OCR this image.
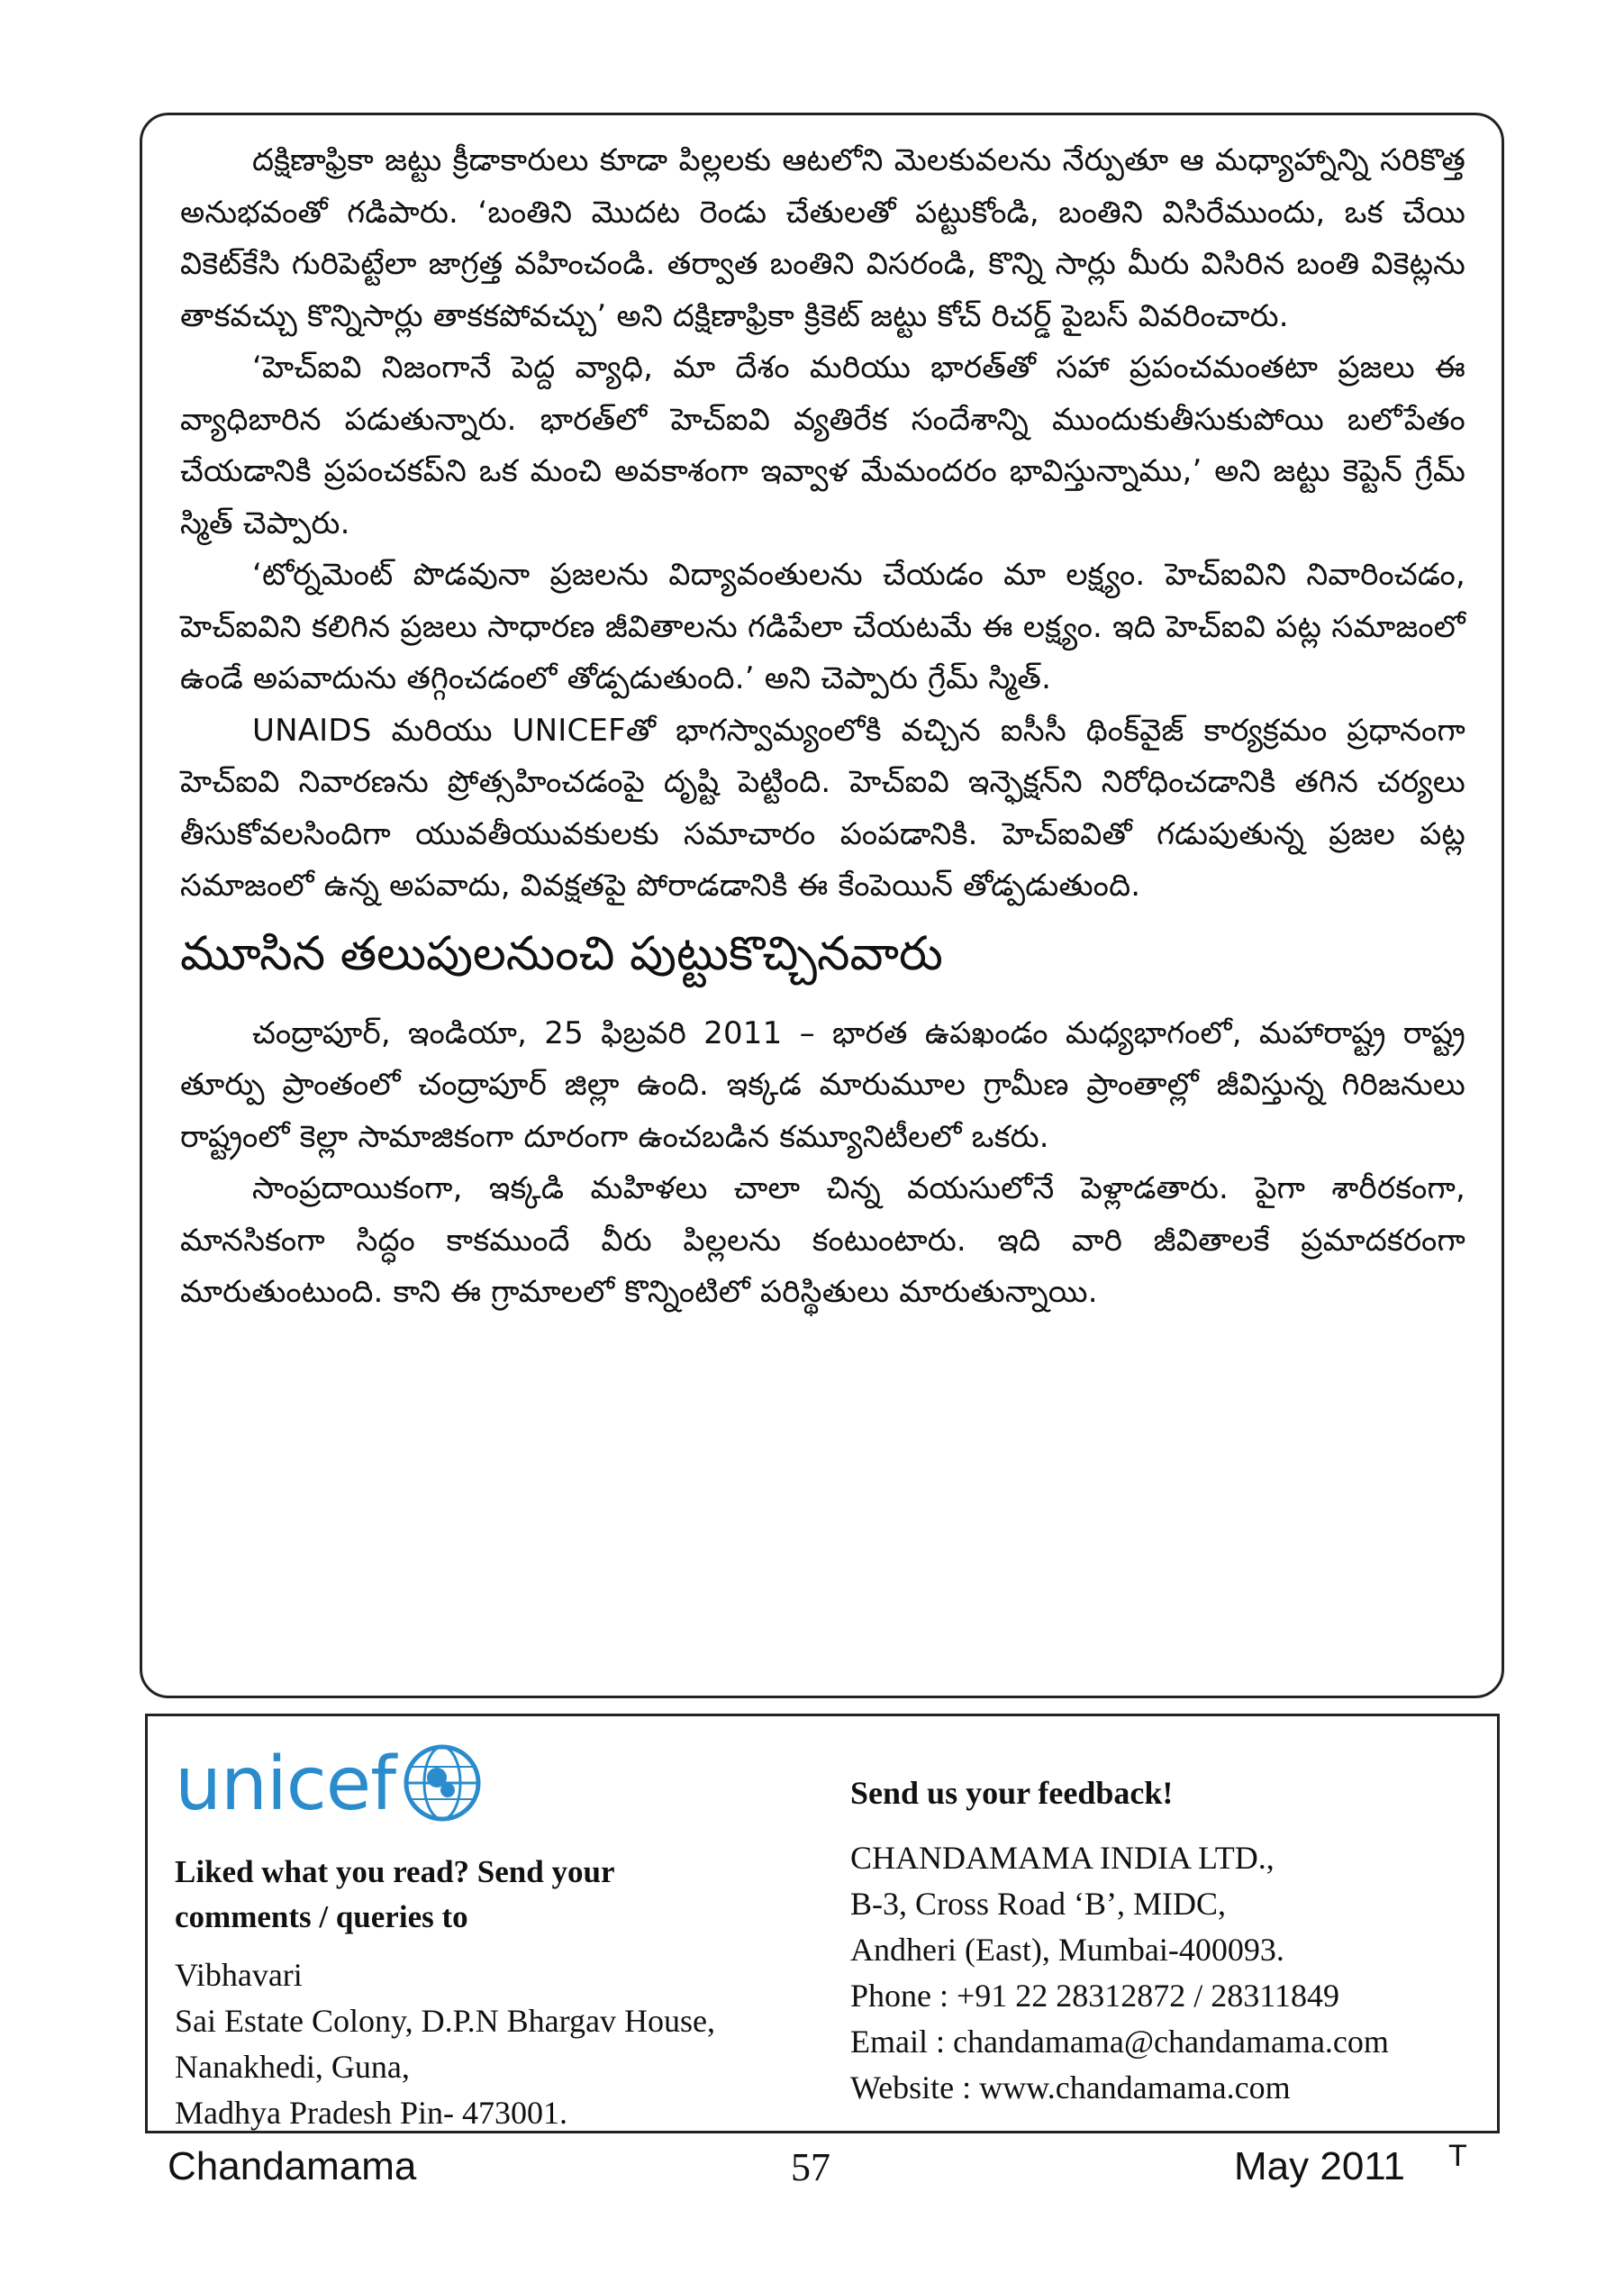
దక్షిణాఫ్రికా జట్టు క్రీడాకారులు కూడా పిల్లలకు ఆటలోని మెలకువలను నేర్పుతూ ఆ మధ్యాహ్నాన్ని సరికొత్త అనుభవంతో గడిపారు. ‘బంతిని మొదట రెండు చేతులతో పట్టుకోండి, బంతిని విసిరేముందు, ఒక చేయి వికెట్‌కేసి గురిపెట్టేలా జాగ్రత్త వహించండి. తర్వాత బంతిని విసరండి, కొన్ని సార్లు మీరు విసిరిన బంతి వికెట్లను తాకవచ్చు కొన్నిసార్లు తాకకపోవచ్చు’ అని దక్షిణాఫ్రికా క్రికెట్ జట్టు కోచ్ రిచర్డ్ పైబస్ వివరించారు.

‘హెచ్‌ఐవి నిజంగానే పెద్ద వ్యాధి, మా దేశం మరియు భారత్‌తో సహా ప్రపంచమంతటా ప్రజలు ఈ వ్యాధిబారిన పడుతున్నారు. భారత్‌లో హెచ్‌ఐవి వ్యతిరేక సందేశాన్ని ముందుకుతీసుకుపోయి బలోపేతం చేయడానికి ప్రపంచకప్‌ని ఒక మంచి అవకాశంగా ఇవ్వాళ మేమందరం భావిస్తున్నాము,’ అని జట్టు కెప్టెన్ గ్రేమ్ స్మిత్ చెప్పారు.

‘టోర్నమెంట్ పొడవునా ప్రజలను విద్యావంతులను చేయడం మా లక్ష్యం. హెచ్‌ఐవిని నివారించడం, హెచ్‌ఐవిని కలిగిన ప్రజలు సాధారణ జీవితాలను గడిపేలా చేయటమే ఈ లక్ష్యం. ఇది హెచ్‌ఐవి పట్ల సమాజంలో ఉండే అపవాదును తగ్గించడంలో తోడ్పడుతుంది.’ అని చెప్పారు గ్రేమ్ స్మిత్.

UNAIDS మరియు UNICEFతో భాగస్వామ్యంలోకి వచ్చిన ఐసీసీ థింక్‌వైజ్ కార్యక్రమం ప్రధానంగా హెచ్‌ఐవి నివారణను ప్రోత్సహించడంపై దృష్టి పెట్టింది. హెచ్‌ఐవి ఇన్ఫెక్షన్‌ని నిరోధించడానికి తగిన చర్యలు తీసుకోవలసిందిగా యువతీయువకులకు సమాచారం పంపడానికి. హెచ్‌ఐవితో గడుపుతున్న ప్రజల పట్ల సమాజంలో ఉన్న అపవాదు, వివక్షతపై పోరాడడానికి ఈ కేంపెయిన్ తోడ్పడుతుంది.

మూసిన తలుపులనుంచి పుట్టుకొచ్చినవారు

చంద్రాపూర్, ఇండియా, 25 ఫిబ్రవరి 2011 – భారత ఉపఖండం మధ్యభాగంలో, మహారాష్ట్ర రాష్ట్ర తూర్పు ప్రాంతంలో చంద్రాపూర్ జిల్లా ఉంది. ఇక్కడ మారుమూల గ్రామీణ ప్రాంతాల్లో జీవిస్తున్న గిరిజనులు రాష్ట్రంలో కెల్లా సామాజికంగా దూరంగా ఉంచబడిన కమ్యూనిటీలలో ఒకరు.

సాంప్రదాయికంగా, ఇక్కడి మహిళలు చాలా చిన్న వయసులోనే పెళ్లాడతారు. పైగా శారీరకంగా, మానసికంగా సిద్ధం కాకముందే వీరు పిల్లలను కంటుంటారు. ఇది వారి జీవితాలకే ప్రమాదకరంగా మారుతుంటుంది. కాని ఈ గ్రామాలలో కొన్నింటిలో పరిస్థితులు మారుతున్నాయి.

unicef

Liked what you read? Send your

comments / queries to

Vibhavari

Sai Estate Colony, D.P.N Bhargav House,

Nanakhedi, Guna,

Madhya Pradesh Pin- 473001.

Send us your feedback!

CHANDAMAMA INDIA LTD.,

B-3, Cross Road ‘B’, MIDC,

Andheri (East), Mumbai-400093.

Phone : +91 22 28312872 / 28311849

Email : chandamama@chandamama.com

Website : www.chandamama.com

Chandamama	57	May 2011 T
